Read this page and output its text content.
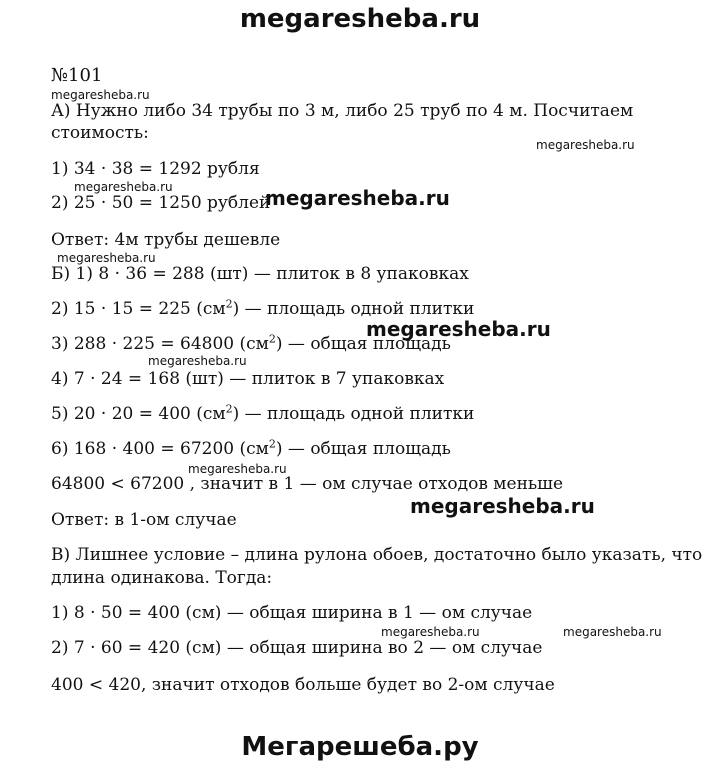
megaresheba.ru
№101
А) Нужно либо 34 трубы по 3 м, либо 25 труб по 4 м. Посчитаем
стоимость:
1) 34 · 38 = 1292 рубля
2) 25 · 50 = 1250 рублей
Ответ: 4м трубы дешевле
Б) 1) 8 · 36 = 288 (шт) — плиток в 8 упаковках
2) 15 · 15 = 225 $(см^2)$ — площадь одной плитки
3) 288 · 225 = 64800 $(см^2)$ — общая площадь
4) 7 · 24 = 168 (шт) — плиток в 7 упаковках
5) 20 · 20 = 400 $(см^2)$ — площадь одной плитки
6) 168 · 400 = 67200 $(см^2)$ — общая площадь
64800 < 67200 , значит в 1 — ом случае отходов меньше
Ответ: в 1-ом случае
В) Лишнее условие – длина рулона обоев, достаточно было указать, что
длина одинакова. Тогда:
1) 8 · 50 = 400 (см) — общая ширина в 1 — ом случае
2) 7 · 60 = 420 (см) — общая ширина во 2 — ом случае
400 < 420, значит отходов больше будет во 2-ом случае
megaresheba.ru
megaresheba.ru
megaresheba.ru
megaresheba.ru
megaresheba.ru
megaresheba.ru
megaresheba.ru	megaresheba.ru
megaresheba.ru
megaresheba.ru
megaresheba.ru
Мегарешеба.ру
